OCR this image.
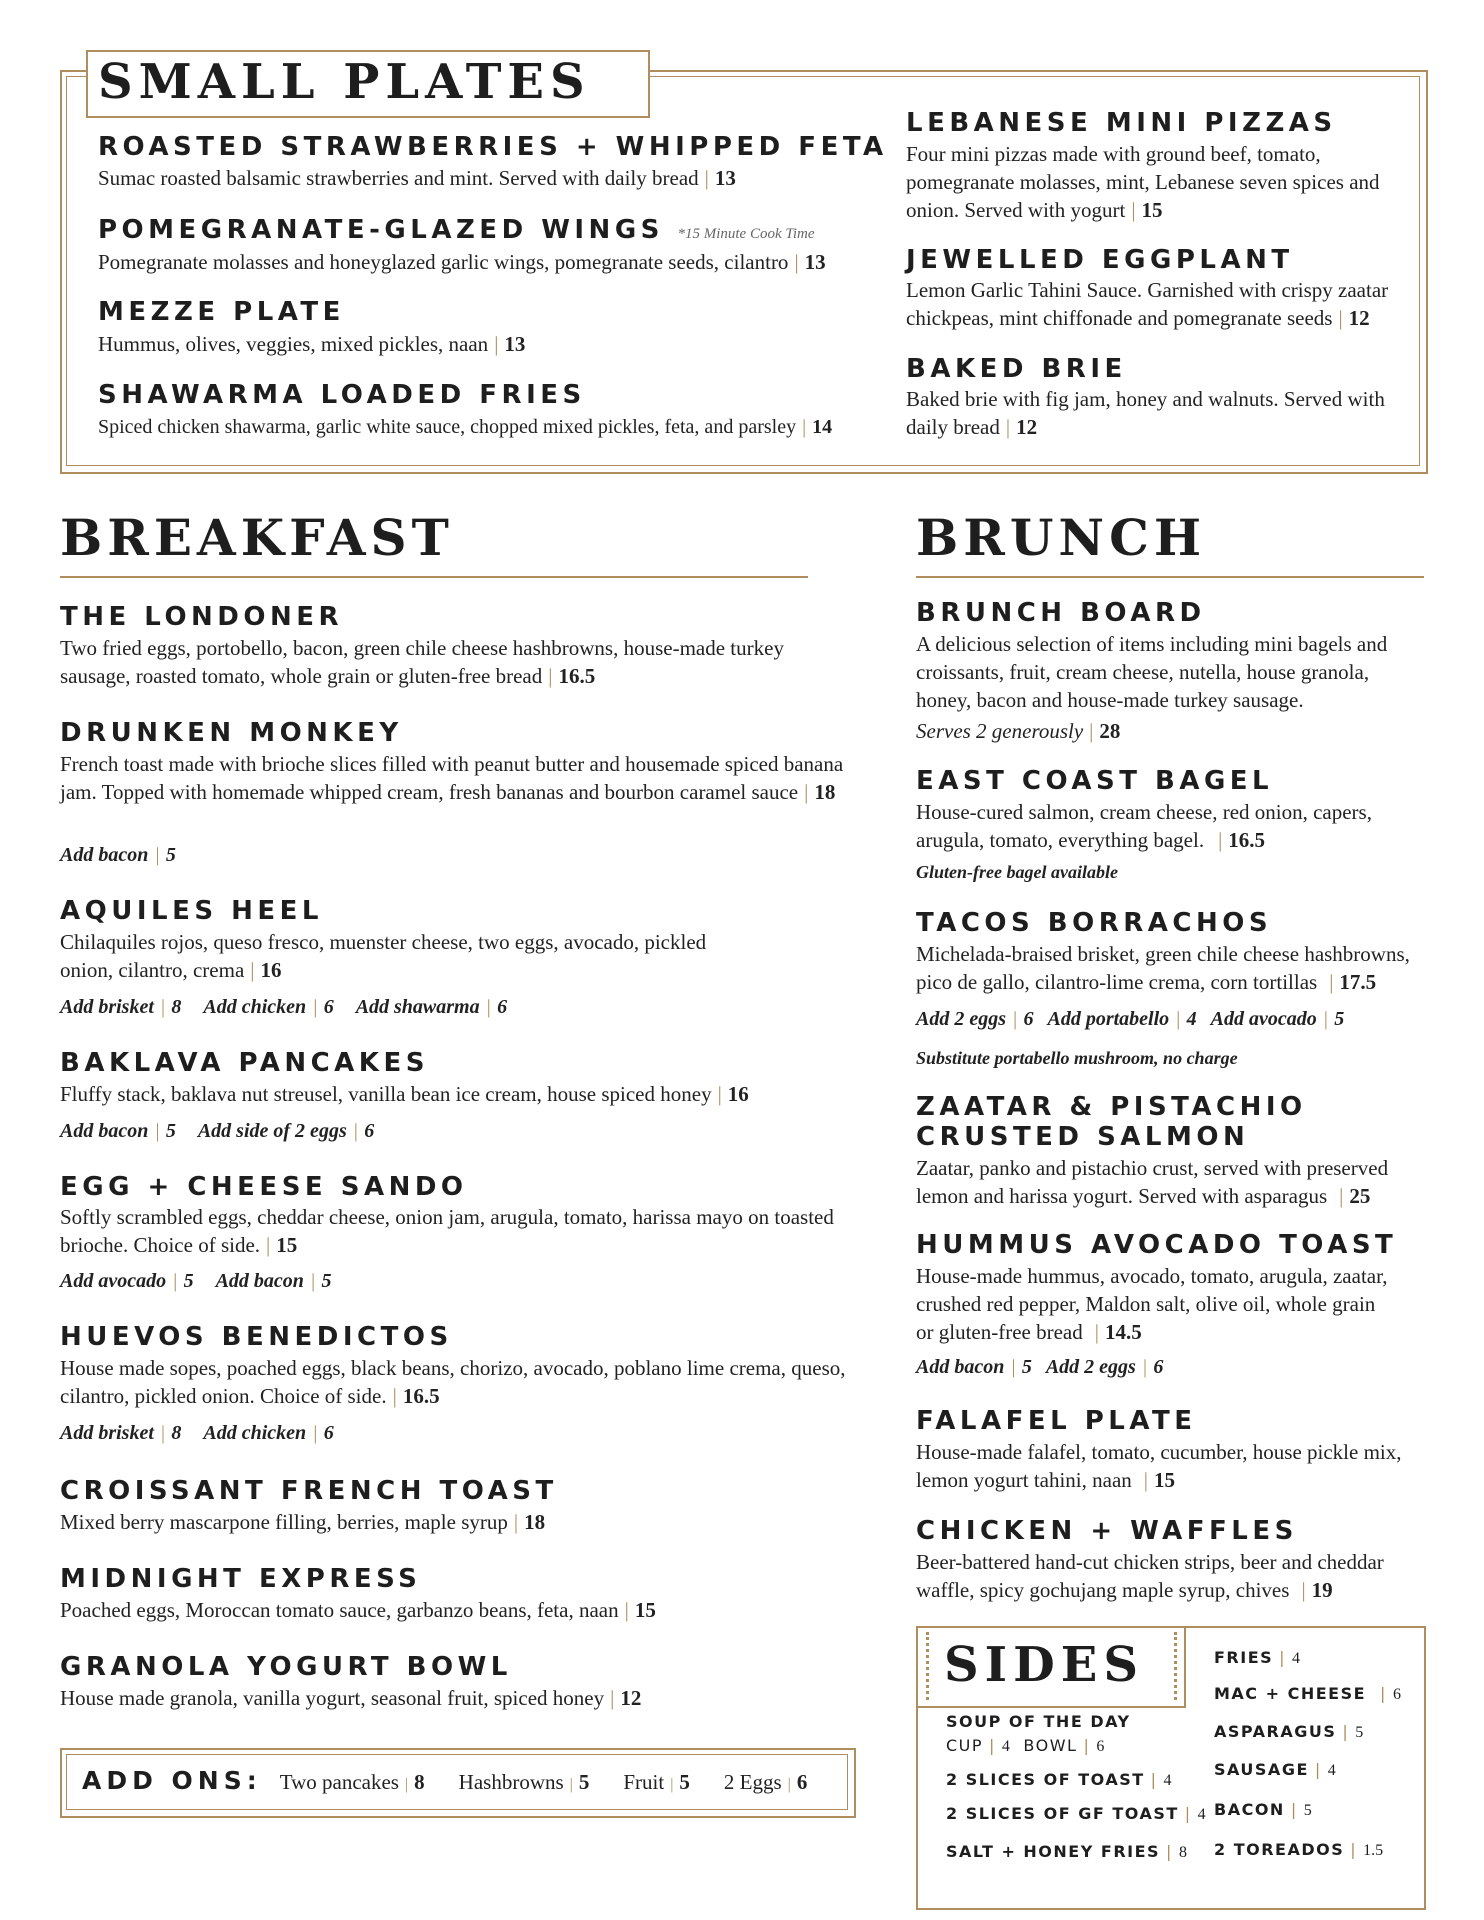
SMALL PLATES
ROASTED STRAWBERRIES + WHIPPED FETA
Sumac roasted balsamic strawberries and mint. Served with daily bread | 13
POMEGRANATE-GLAZED WINGS *15 Minute Cook Time
Pomegranate molasses and honeyglazed garlic wings, pomegranate seeds, cilantro | 13
MEZZE PLATE
Hummus, olives, veggies, mixed pickles, naan | 13
SHAWARMA LOADED FRIES
Spiced chicken shawarma, garlic white sauce, chopped mixed pickles, feta, and parsley | 14
LEBANESE MINI PIZZAS
Four mini pizzas made with ground beef, tomato, pomegranate molasses, mint, Lebanese seven spices and onion. Served with yogurt | 15
JEWELLED EGGPLANT
Lemon Garlic Tahini Sauce. Garnished with crispy zaatar chickpeas, mint chiffonade and pomegranate seeds | 12
BAKED BRIE
Baked brie with fig jam, honey and walnuts. Served with daily bread | 12
BREAKFAST
THE LONDONER
Two fried eggs, portobello, bacon, green chile cheese hashbrowns, house-made turkey sausage, roasted tomato, whole grain or gluten-free bread | 16.5
DRUNKEN MONKEY
French toast made with brioche slices filled with peanut butter and housemade spiced banana jam. Topped with homemade whipped cream, fresh bananas and bourbon caramel sauce | 18
Add bacon | 5
AQUILES HEEL
Chilaquiles rojos, queso fresco, muenster cheese, two eggs, avocado, pickled onion, cilantro, crema | 16
Add brisket | 8 Add chicken | 6 Add shawarma | 6
BAKLAVA PANCAKES
Fluffy stack, baklava nut streusel, vanilla bean ice cream, house spiced honey | 16
Add bacon | 5 Add side of 2 eggs | 6
EGG + CHEESE SANDO
Softly scrambled eggs, cheddar cheese, onion jam, arugula, tomato, harissa mayo on toasted brioche. Choice of side. | 15
Add avocado | 5 Add bacon | 5
HUEVOS BENEDICTOS
House made sopes, poached eggs, black beans, chorizo, avocado, poblano lime crema, queso, cilantro, pickled onion. Choice of side. | 16.5
Add brisket | 8 Add chicken | 6
CROISSANT FRENCH TOAST
Mixed berry mascarpone filling, berries, maple syrup | 18
MIDNIGHT EXPRESS
Poached eggs, Moroccan tomato sauce, garbanzo beans, feta, naan | 15
GRANOLA YOGURT BOWL
House made granola, vanilla yogurt, seasonal fruit, spiced honey | 12
ADD ONS: Two pancakes | 8 Hashbrowns | 5 Fruit | 5 2 Eggs | 6
BRUNCH
BRUNCH BOARD
A delicious selection of items including mini bagels and croissants, fruit, cream cheese, nutella, house granola, honey, bacon and house-made turkey sausage.
Serves 2 generously | 28
EAST COAST BAGEL
House-cured salmon, cream cheese, red onion, capers, arugula, tomato, everything bagel. | 16.5
Gluten-free bagel available
TACOS BORRACHOS
Michelada-braised brisket, green chile cheese hashbrowns, pico de gallo, cilantro-lime crema, corn tortillas | 17.5
Add 2 eggs | 6 Add portabello | 4 Add avocado | 5
Substitute portabello mushroom, no charge
ZAATAR & PISTACHIO
CRUSTED SALMON
Zaatar, panko and pistachio crust, served with preserved lemon and harissa yogurt. Served with asparagus | 25
HUMMUS AVOCADO TOAST
House-made hummus, avocado, tomato, arugula, zaatar, crushed red pepper, Maldon salt, olive oil, whole grain or gluten-free bread | 14.5
Add bacon | 5 Add 2 eggs | 6
FALAFEL PLATE
House-made falafel, tomato, cucumber, house pickle mix, lemon yogurt tahini, naan | 15
CHICKEN + WAFFLES
Beer-battered hand-cut chicken strips, beer and cheddar waffle, spicy gochujang maple syrup, chives | 19
SIDES
SOUP OF THE DAY
CUP | 4 BOWL | 6
2 SLICES OF TOAST | 4
2 SLICES OF GF TOAST | 4
SALT + HONEY FRIES | 8
FRIES | 4
MAC + CHEESE | 6
ASPARAGUS | 5
SAUSAGE | 4
BACON | 5
2 TOREADOS | 1.5
